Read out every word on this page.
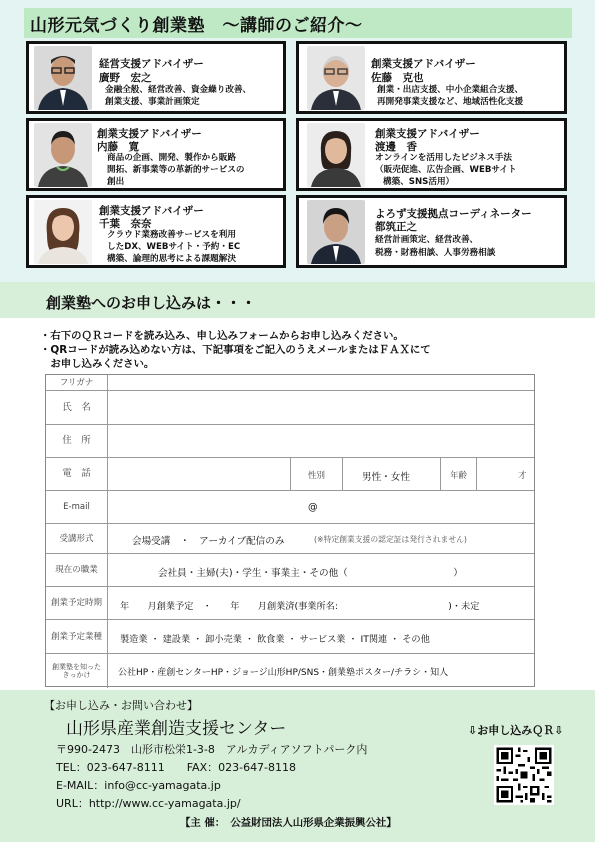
山形元気づくり創業塾　～講師のご紹介～
経営支援アドバイザー
廣野　宏之
金融全般、経営改善、資金繰り改善、
創業支援、事業計画策定
創業支援アドバイザー
佐藤　克也
創業・出店支援、中小企業組合支援、
再開発事業支援など、地域活性化支援
創業支援アドバイザー
内藤　寛
商品の企画、開発、製作から販路
開拓、新事業等の革新的サービスの
創出
創業支援アドバイザー
渡邊　香
オンラインを活用したビジネス手法
（販売促進、広告企画、WEBサイト
構築、SNS活用）
創業支援アドバイザー
千葉　奈奈
クラウド業務改善サービスを利用
したDX、WEBサイト・予約・EC
構築、論理的思考による課題解決
よろず支援拠点コーディネーター
都筑正之
経営計画策定、経営改善、
税務・財務相談、人事労務相談
創業塾へのお申し込みは・・・
・右下のＱＲコードを読み込み、申し込みフォームからお申し込みください。
・QRコードが読み込めない方は、下記事項をご記入のうえメールまたはＦＡＸにて
　お申し込みください。
フリガナ
氏　名
住　所
電　話	性別	男性・女性	年齢	才
E-mail	@
受講形式	会場受講　・　アーカイブ配信のみ	(※特定創業支援の認定証は発行されません)
現在の職業	会社員・主婦(夫)・学生・事業主・その他（　　　　　　　　　　　）
創業予定時期	年　　月創業予定　・　　年　　月創業済(事業所名:　　　　　　　　　　　　)・未定
創業予定業種	製造業 ・ 建設業 ・ 卸小売業 ・ 飲食業 ・ サービス業 ・ IT関連 ・ その他
創業塾を知ったきっかけ	公社HP・産創センターHP・ジョージ山形HP/SNS・創業塾ポスター/チラシ・知人
【お申し込み・お問い合わせ】
山形県産業創造支援センター
〒990-2473　山形市松栄1-3-8　アルカディアソフトパーク内
TEL：023-647-8111　　FAX：023-647-8118
E-MAIL：info@cc-yamagata.jp
URL：http://www.cc-yamagata.jp/
⇩お申し込みＱＲ⇩
【主 催：　公益財団法人山形県企業振興公社】
